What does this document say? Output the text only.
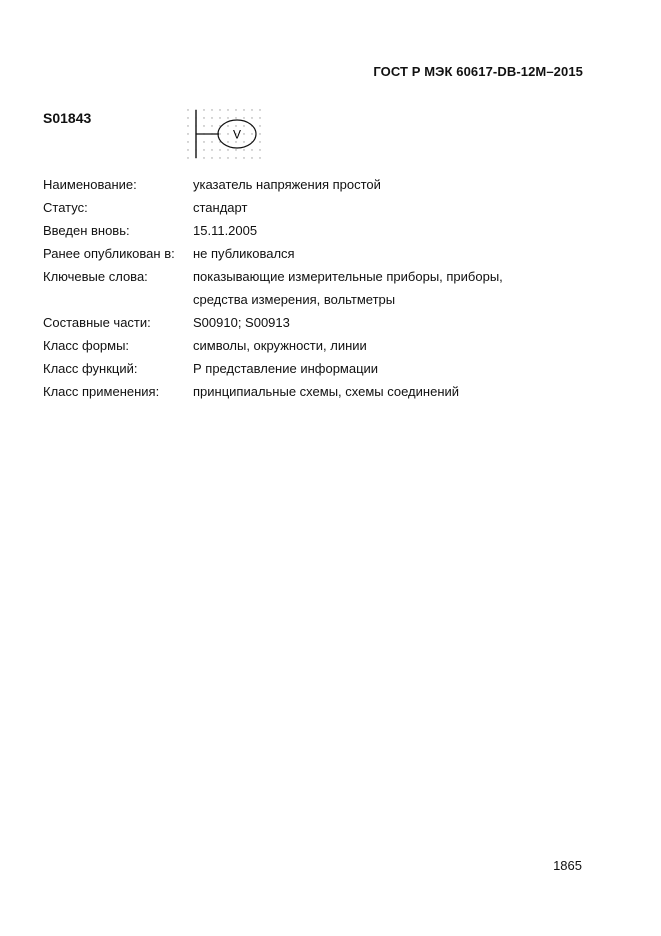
ГОСТ Р МЭК 60617-DB-12M–2015
S01843
V
Наименование:	указатель напряжения простой
Статус:	стандарт
Введен вновь:	15.11.2005
Ранее опубликован в:	не публиковался
Ключевые слова:	показывающие измерительные приборы, приборы,
средства измерения, вольтметры
Составные части:	S00910; S00913
Класс формы:	символы, окружности, линии
Класс функций:	Р представление информации
Класс применения:	принципиальные схемы, схемы соединений
1865
